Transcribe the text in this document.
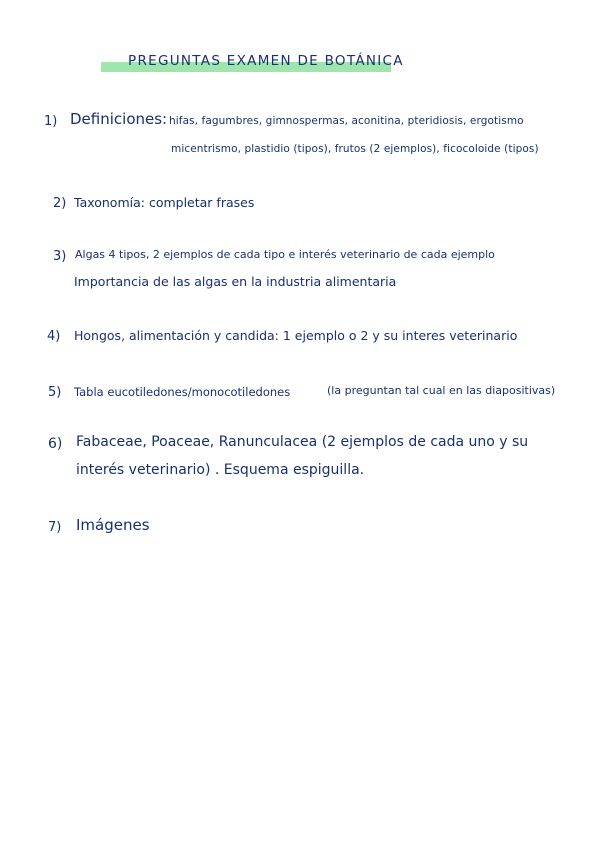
PREGUNTAS EXAMEN DE BOTÁNICA
1) Definiciones: hifas, fagumbres, gimnospermas, aconitina, pteridiosis, ergotismo
micentrismo, plastidio (tipos), frutos (2 ejemplos), ficocoloide (tipos)
2) Taxonomía: completar frases
3) Algas 4 tipos, 2 ejemplos de cada tipo e interés veterinario de cada ejemplo
Importancia de las algas en la industria alimentaria
4) Hongos, alimentación y candida: 1 ejemplo o 2 y su interes veterinario
5) Tabla eucotiledones/monocotiledones	(la preguntan tal cual en las diapositivas)
6) Fabaceae, Poaceae, Ranunculacea (2 ejemplos de cada uno y su
interés veterinario) . Esquema espiguilla.
7) Imágenes
